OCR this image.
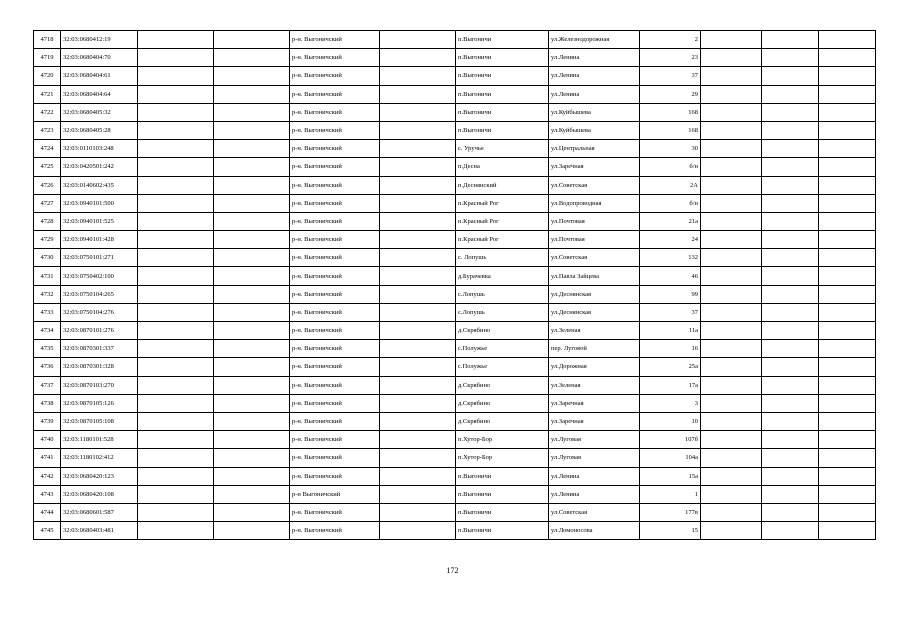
4718	32:03:0680412:19			р-н. Выгоничский		п.Выгоничи	ул.Железнодорожная	2			
4719	32:03:0680404:70			р-н. Выгоничский		п.Выгоничи	ул.Ленина	23			
4720	32:03:0680404:61			р-н. Выгоничский		п.Выгоничи	ул.Ленина	37			
4721	32:03:0680404:64			р-н. Выгоничский		п.Выгоничи	ул.Ленина	29			
4722	32:03:0680405:32			р-н. Выгоничский		п.Выгоничи	ул.Куйбышева	168			
4723	32:03:0680405:28			р-н. Выгоничский		п.Выгоничи	ул.Куйбышева	168			
4724	32:03:0110103:248			р-н. Выгоничский		с. Уручье	ул.Центральная	30			
4725	32:03:0420501:242			р-н. Выгоничский		п.Десна	ул.Заречная	б/н			
4726	32:03:0140602:435			р-н. Выгоничский		п.Деснянский	ул.Советская	2А			
4727	32:03:0940101:500			р-н. Выгоничский		п.Красный Рог	ул.Водопроводная	б/н			
4728	32:03:0940101:525			р-н. Выгоничский		п.Красный Рог	ул.Почтовая	21а			
4729	32:03:0940101:428			р-н. Выгоничский		п.Красный Рог	ул.Почтовая	24			
4730	32:03:0750101:271			р-н. Выгоничский		с. Лопушь	ул.Советская	132			
4731	32:03:0750402:100			р-н. Выгоничский		д.Бурачевка	ул.Павла Зайцева	46			
4732	32:03:0750104:265			р-н. Выгоничский		с.Лопушь	ул.Деснянская	99			
4733	32:03:0750104:276			р-н. Выгоничский		с.Лопушь	ул.Деснянская	37			
4734	32:03:0870101:276			р-н. Выгоничский		д.Скрябино	ул.Зеленая	11а			
4735	32:03:0870301:337			р-н. Выгоничский		с.Полужье	пер. Луговой	16			
4736	32:03:0870301:328			р-н. Выгоничский		с.Полужье	ул.Дорожная	25а			
4737	32:03:0870103:270			р-н. Выгоничский		д.Скрябино	ул.Зеленая	17а			
4738	32:03:0870105:126			р-н. Выгоничский		д.Скрябино	ул.Заречная	3			
4739	32:03:0870105:108			р-н. Выгоничский		д.Скрябино	ул.Заречная	10			
4740	32:03:1180101:528			р-н. Выгоничский		п.Хутор-Бор	ул.Луговая	107б			
4741	32:03:1180102:412			р-н. Выгоничский		п.Хутор-Бор	ул.Луговая	104а			
4742	32:03:0680420:123			р-н. Выгоничский		п.Выгоничи	ул.Ленина	15а			
4743	32:03:0680420:108			р-н Выгоничский		п.Выгоничи	ул.Ленина	1			
4744	32:03:0680601:587			р-н. Выгоничский		п.Выгоничи	ул.Советская	177в			
4745	32:03:0680403:481			р-н. Выгоничский		п.Выгоничи	ул.Ломоносова	15			
172
